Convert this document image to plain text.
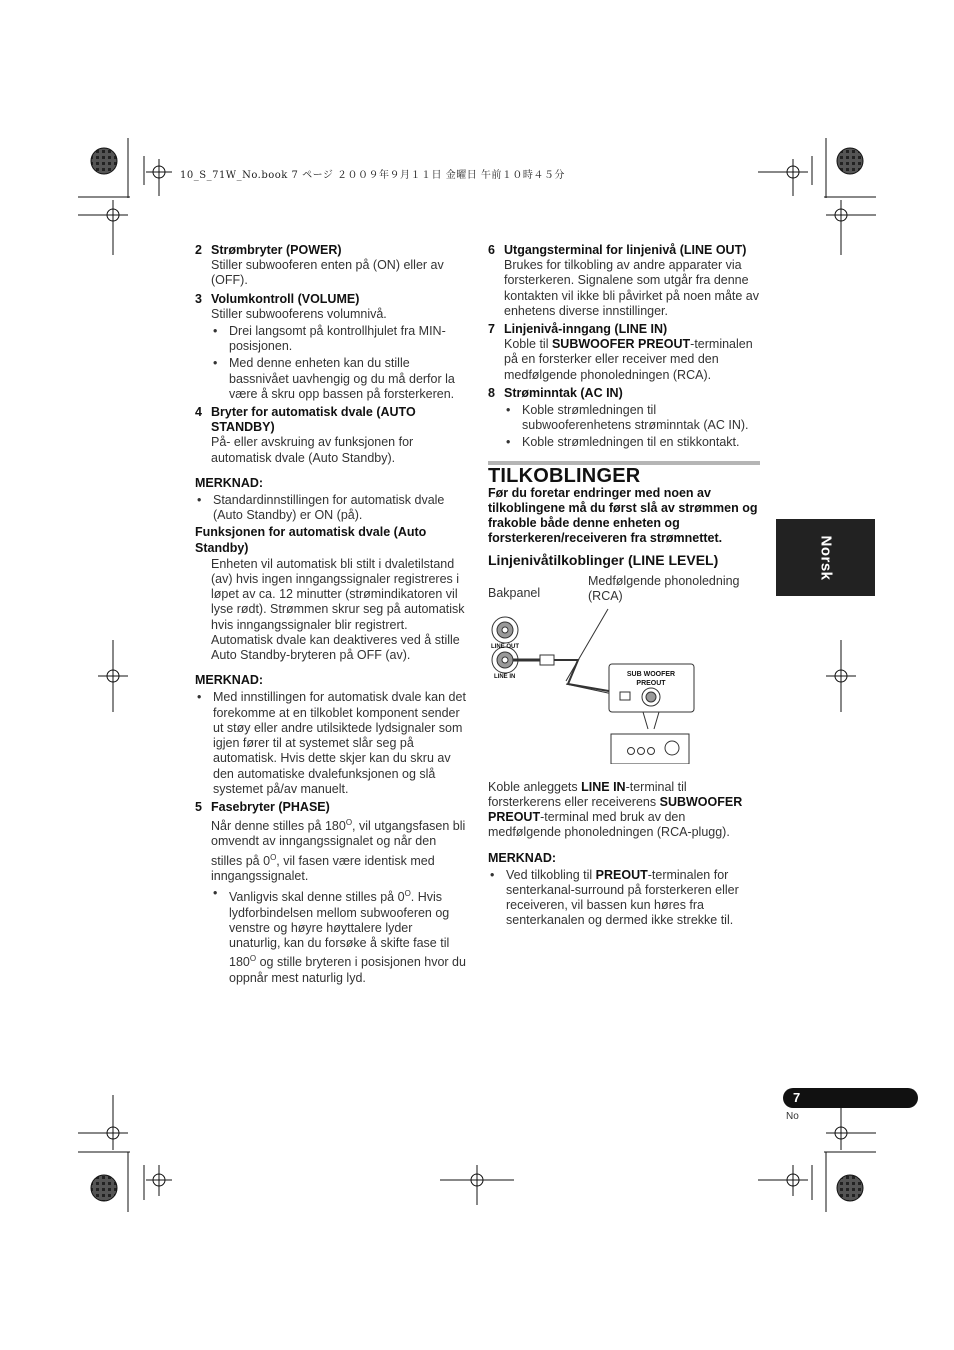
10_S_71W_No.book 7 ページ ２００９年９月１１日 金曜日 午前１０時４５分
2 Strømbryter (POWER)
Stiller subwooferen enten på (ON) eller av (OFF).
3 Volumkontroll (VOLUME)
Stiller subwooferens volumnivå.
• Drei langsomt på kontrollhjulet fra MIN-posisjonen.
• Med denne enheten kan du stille bassnivået uavhengig og du må derfor la være å skru opp bassen på forsterkeren.
4 Bryter for automatisk dvale (AUTO STANDBY)
På- eller avskruing av funksjonen for automatisk dvale (Auto Standby).
MERKNAD:
• Standardinnstillingen for automatisk dvale (Auto Standby) er ON (på).
Funksjonen for automatisk dvale (Auto Standby)
Enheten vil automatisk bli stilt i dvaletilstand (av) hvis ingen inngangssignaler registreres i løpet av ca. 12 minutter (strømindikatoren vil lyse rødt). Strømmen skrur seg på automatisk hvis inngangssignaler blir registrert. Automatisk dvale kan deaktiveres ved å stille Auto Standby-bryteren på OFF (av).
MERKNAD:
• Med innstillingen for automatisk dvale kan det forekomme at en tilkoblet komponent sender ut støy eller andre utilsiktede lydsignaler som igjen fører til at systemet slår seg på automatisk. Hvis dette skjer kan du skru av den automatiske dvalefunksjonen og slå systemet på/av manuelt.
5 Fasebryter (PHASE)
Når denne stilles på $180^O$, vil utgangsfasen bli omvendt av inngangssignalet og når den stilles på $0^O$, vil fasen være identisk med inngangssignalet.
• Vanligvis skal denne stilles på $0^O$. Hvis lydforbindelsen mellom subwooferen og venstre og høyre høyttalere lyder unaturlig, kan du forsøke å skifte fase til $180^O$ og stille bryteren i posisjonen hvor du oppnår mest naturlig lyd.
6 Utgangsterminal for linjenivå (LINE OUT)
Brukes for tilkobling av andre apparater via forsterkeren. Signalene som utgår fra denne kontakten vil ikke bli påvirket på noen måte av enhetens diverse innstillinger.
7 Linjenivå-inngang (LINE IN)
Koble til SUBWOOFER PREOUT-terminalen på en forsterker eller receiver med den medfølgende phonoledningen (RCA).
8 Strøminntak (AC IN)
• Koble strømledningen til subwooferenhetens strøminntak (AC IN).
• Koble strømledningen til en stikkontakt.
TILKOBLINGER
Før du foretar endringer med noen av tilkoblingene må du først slå av strømmen og frakoble både denne enheten og forsterkeren/receiveren fra strømnettet.
Linjenivåtilkoblinger (LINE LEVEL)
Bakpanel
Medfølgende phonoledning (RCA)
LINE OUT
LINE IN	SUB WOOFER
PREOUT
Koble anleggets LINE IN-terminal til forsterkerens eller receiverens SUBWOOFER PREOUT-terminal med bruk av den medfølgende phonoledningen (RCA-plugg).
MERKNAD:
• Ved tilkobling til PREOUT-terminalen for senterkanal-surround på forsterkeren eller receiveren, vil bassen kun høres fra senterkanalen og dermed ikke strekke til.
Norsk
7
No
